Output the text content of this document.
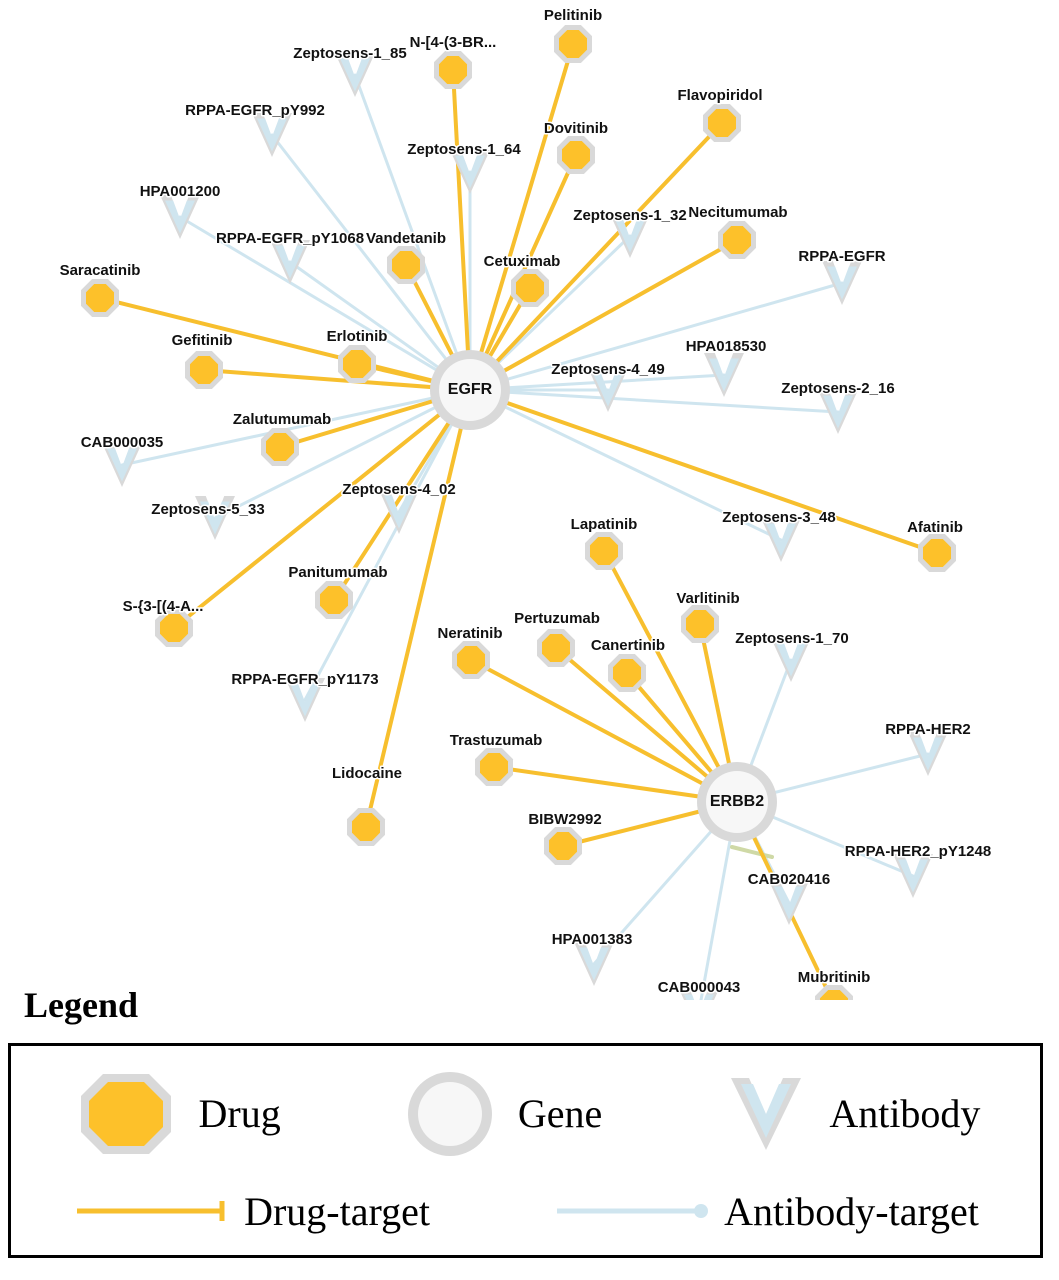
Zeptosens-1_85
RPPA-EGFR_pY992
Zeptosens-1_64
HPA001200
Zeptosens-1_32
RPPA-EGFR_pY1068
RPPA-EGFR
HPA018530
Zeptosens-4_49
Zeptosens-2_16
CAB000035
Zeptosens-5_33
Zeptosens-4_02
Zeptosens-3_48
Zeptosens-1_70
RPPA-EGFR_pY1173
RPPA-HER2
RPPA-HER2_pY1248
CAB020416
HPA001383
CAB000043
Pelitinib
N-[4-(3-BR...
Flavopiridol
Dovitinib
Necitumumab
Vandetanib
Cetuximab
Saracatinib
Erlotinib
Gefitinib
Zalutumumab
Afatinib
Lapatinib
Panitumumab
Varlitinib
S-{3-[(4-A...
Pertuzumab
Neratinib
Canertinib
Trastuzumab
Lidocaine
BIBW2992
Mubritinib
EGFR
ERBB2
Legend
Drug	Gene	Antibody
Drug-target	Antibody-target
